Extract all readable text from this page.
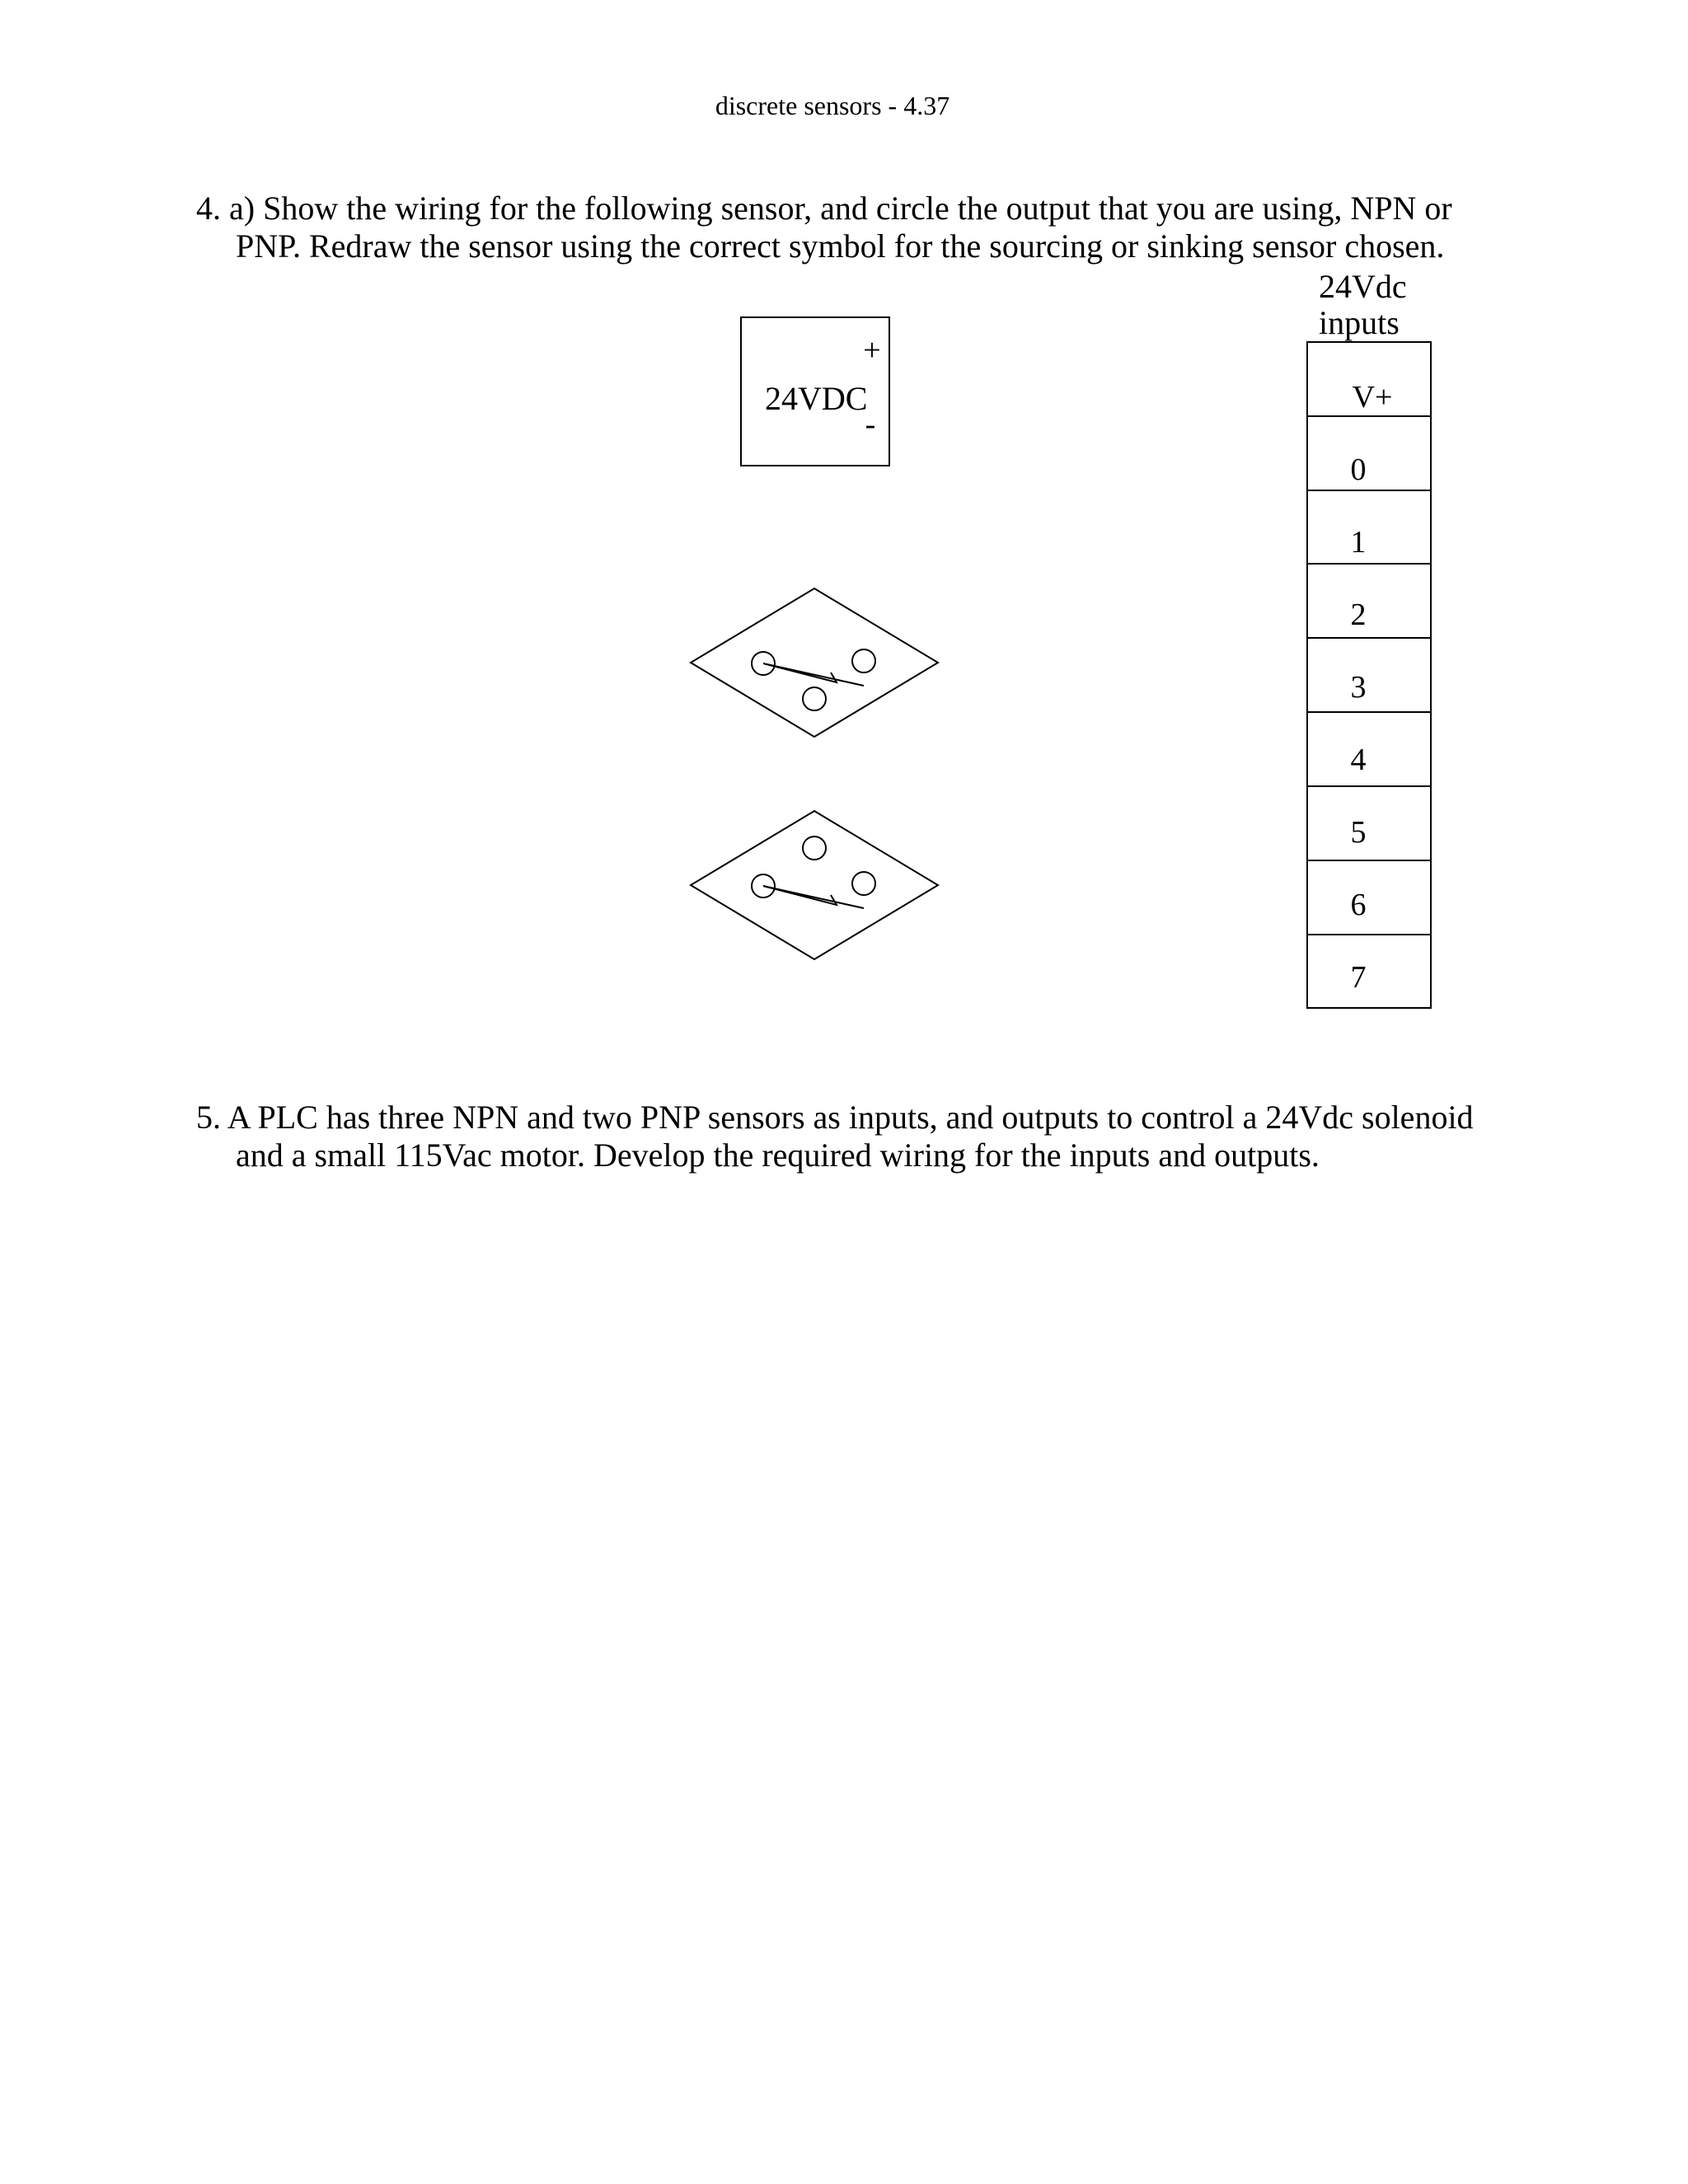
discrete sensors - 4.37

4. a) Show the wiring for the following sensor, and circle the output that you are using, NPN or

PNP. Redraw the sensor using the correct symbol for the sourcing or sinking sensor chosen.

24VDC
+
-
24Vdc
inputs
V+
0
1
2
3
4
5
6
7

5. A PLC has three NPN and two PNP sensors as inputs, and outputs to control a 24Vdc solenoid

and a small 115Vac motor. Develop the required wiring for the inputs and outputs.
